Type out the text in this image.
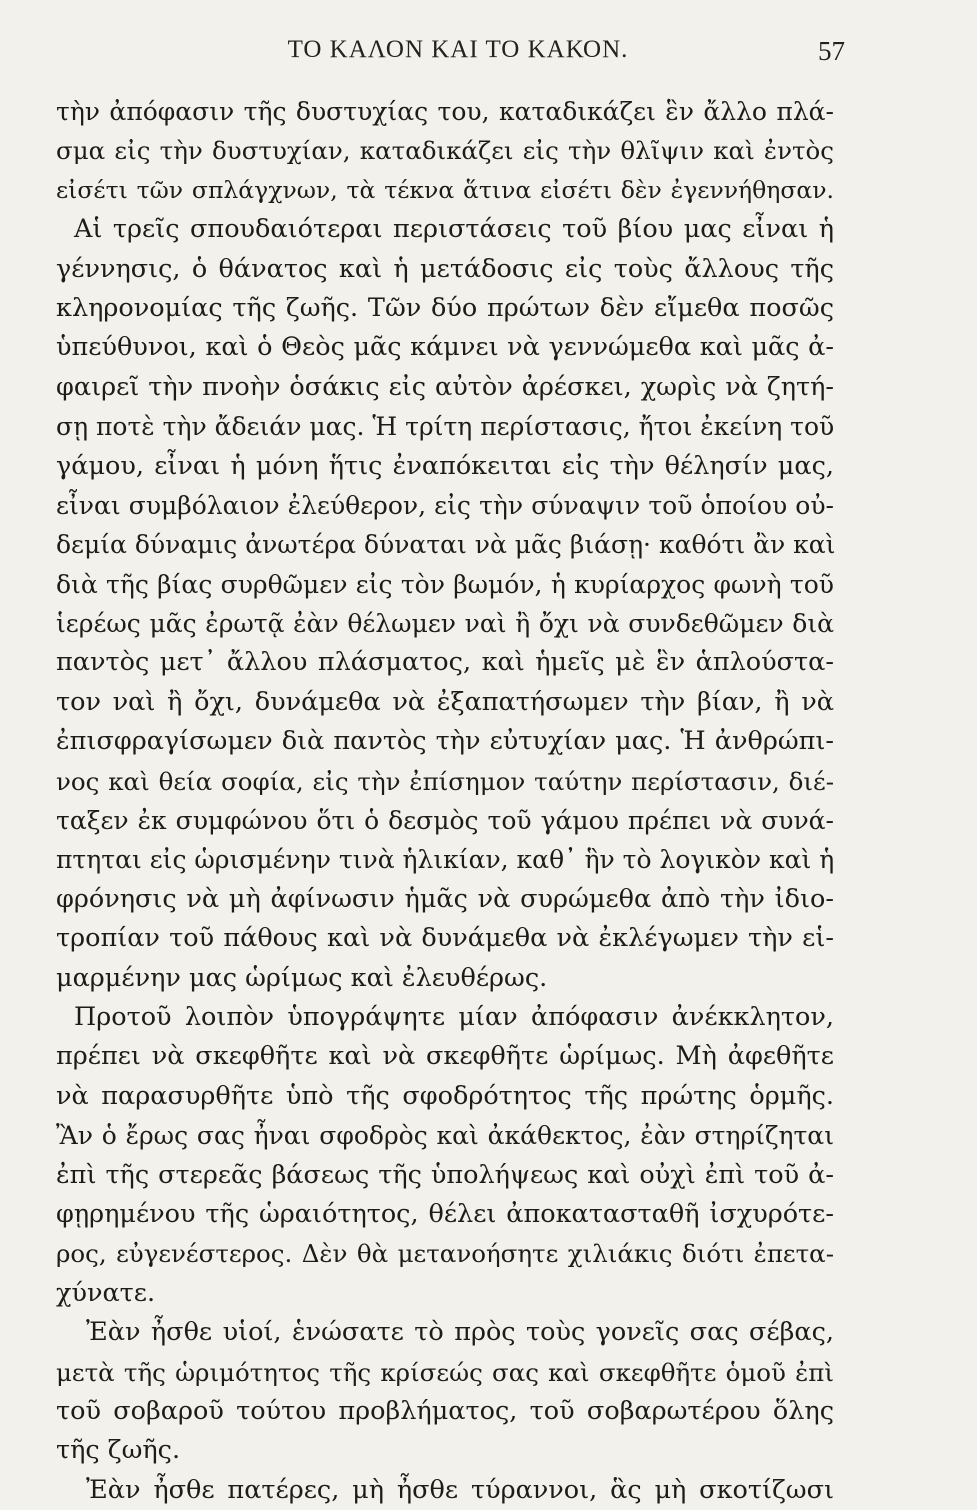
ΤΟ ΚΑΛΟΝ ΚΑΙ ΤΟ ΚΑΚΟΝ.	57
τὴν ἀπόφασιν τῆς δυστυχίας του, καταδικάζει ἓν ἄλλο πλά-
σμα εἰς τὴν δυστυχίαν, καταδικάζει εἰς τὴν θλῖψιν καὶ ἐντὸς
εἰσέτι τῶν σπλάγχνων, τὰ τέκνα ἅτινα εἰσέτι δὲν ἐγεννήθησαν.
Αἱ τρεῖς σπουδαιότεραι περιστάσεις τοῦ βίου μας εἶναι ἡ
γέννησις, ὁ θάνατος καὶ ἡ μετάδοσις εἰς τοὺς ἄλλους τῆς
κληρονομίας τῆς ζωῆς. Τῶν δύο πρώτων δὲν εἴμεθα ποσῶς
ὑπεύθυνοι, καὶ ὁ Θεὸς μᾶς κάμνει νὰ γεννώμεθα καὶ μᾶς ἀ-
φαιρεῖ τὴν πνοὴν ὁσάκις εἰς αὐτὸν ἀρέσκει, χωρὶς νὰ ζητή-
σῃ ποτὲ τὴν ἄδειάν μας. Ἡ τρίτη περίστασις, ἤτοι ἐκείνη τοῦ
γάμου, εἶναι ἡ μόνη ἥτις ἐναπόκειται εἰς τὴν θέλησίν μας,
εἶναι συμβόλαιον ἐλεύθερον, εἰς τὴν σύναψιν τοῦ ὁποίου οὐ-
δεμία δύναμις ἀνωτέρα δύναται νὰ μᾶς βιάσῃ· καθότι ἂν καὶ
διὰ τῆς βίας συρθῶμεν εἰς τὸν βωμόν, ἡ κυρίαρχος φωνὴ τοῦ
ἱερέως μᾶς ἐρωτᾷ ἐὰν θέλωμεν ναὶ ἢ ὄχι νὰ συνδεθῶμεν διὰ
παντὸς μετ᾽ ἄλλου πλάσματος, καὶ ἡμεῖς μὲ ἓν ἁπλούστα-
τον ναὶ ἢ ὄχι, δυνάμεθα νὰ ἐξαπατήσωμεν τὴν βίαν, ἢ νὰ
ἐπισφραγίσωμεν διὰ παντὸς τὴν εὐτυχίαν μας. Ἡ ἀνθρώπι-
νος καὶ θεία σοφία, εἰς τὴν ἐπίσημον ταύτην περίστασιν, διέ-
ταξεν ἐκ συμφώνου ὅτι ὁ δεσμὸς τοῦ γάμου πρέπει νὰ συνά-
πτηται εἰς ὡρισμένην τινὰ ἡλικίαν, καθ᾽ ἣν τὸ λογικὸν καὶ ἡ
φρόνησις νὰ μὴ ἀφίνωσιν ἡμᾶς νὰ συρώμεθα ἀπὸ τὴν ἰδιο-
τροπίαν τοῦ πάθους καὶ νὰ δυνάμεθα νὰ ἐκλέγωμεν τὴν εἱ-
μαρμένην μας ὡρίμως καὶ ἐλευθέρως.
Προτοῦ λοιπὸν ὑπογράψητε μίαν ἀπόφασιν ἀνέκκλητον,
πρέπει νὰ σκεφθῆτε καὶ νὰ σκεφθῆτε ὡρίμως. Μὴ ἀφεθῆτε
νὰ παρασυρθῆτε ὑπὸ τῆς σφοδρότητος τῆς πρώτης ὁρμῆς.
Ἂν ὁ ἔρως σας ἦναι σφοδρὸς καὶ ἀκάθεκτος, ἐὰν στηρίζηται
ἐπὶ τῆς στερεᾶς βάσεως τῆς ὑπολήψεως καὶ οὐχὶ ἐπὶ τοῦ ἀ-
φῃρημένου τῆς ὡραιότητος, θέλει ἀποκατασταθῆ ἰσχυρότε-
ρος, εὐγενέστερος. Δὲν θὰ μετανοήσητε χιλιάκις διότι ἐπετα-
χύνατε.
Ἐὰν ἦσθε υἱοί, ἑνώσατε τὸ πρὸς τοὺς γονεῖς σας σέβας,
μετὰ τῆς ὡριμότητος τῆς κρίσεώς σας καὶ σκεφθῆτε ὁμοῦ ἐπὶ
τοῦ σοβαροῦ τούτου προβλήματος, τοῦ σοβαρωτέρου ὅλης
τῆς ζωῆς.
Ἐὰν ἦσθε πατέρες, μὴ ἦσθε τύραννοι, ἃς μὴ σκοτίζωσι
